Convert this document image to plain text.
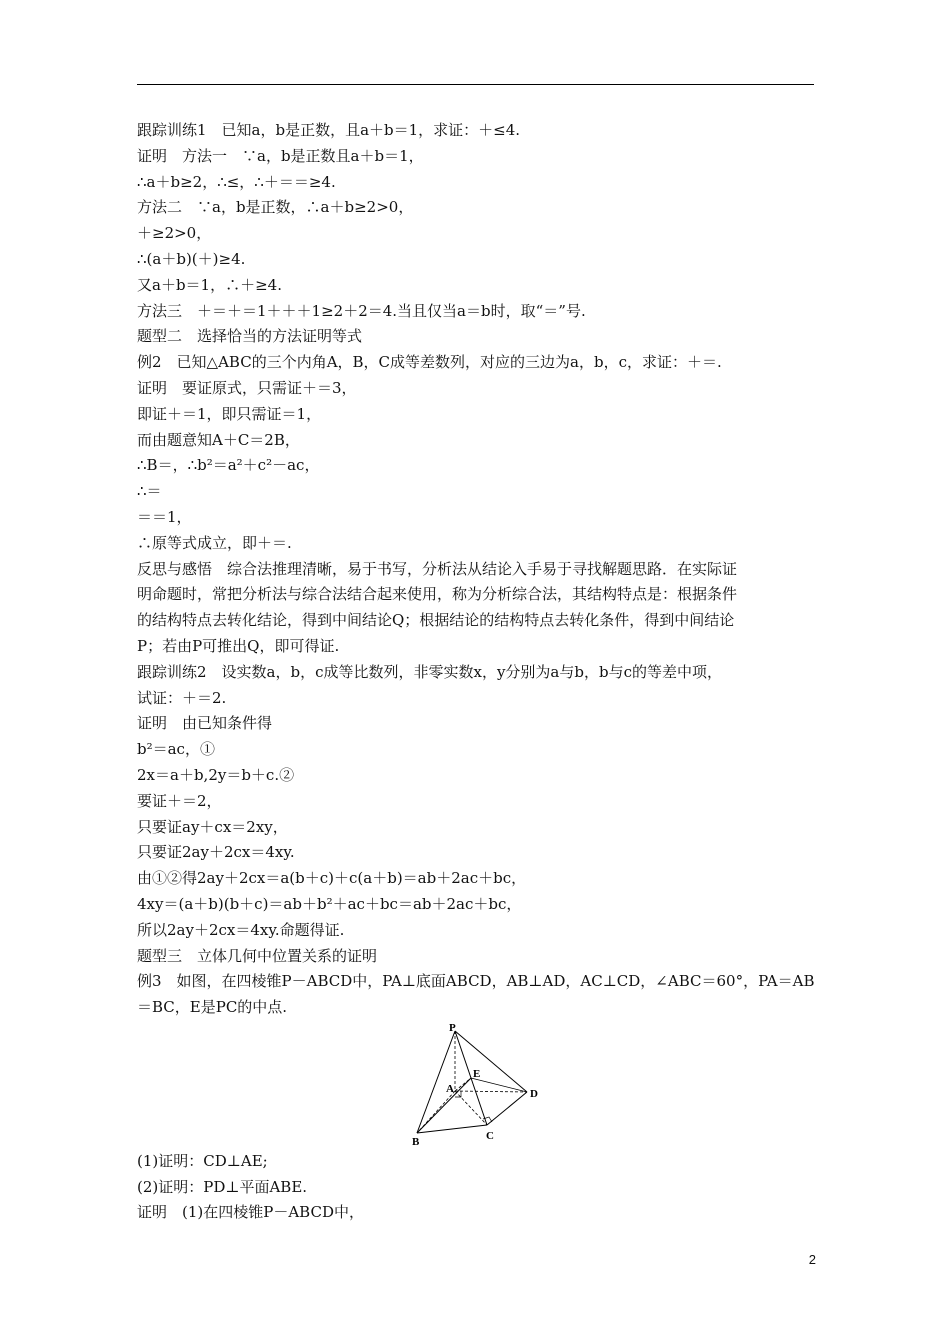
跟踪训练1　已知a，b是正数，且a＋b＝1，求证：＋≤4.
证明　方法一　∵a，b是正数且a＋b＝1，
∴a＋b≥2，∴≤，∴＋＝＝≥4.
方法二　∵a，b是正数，∴a＋b≥2>0，
＋≥2>0，
∴(a＋b)(＋)≥4.
又a＋b＝1，∴＋≥4.
方法三　＋＝＋＝1＋＋＋1≥2＋2＝4.当且仅当a＝b时，取“＝”号.
题型二　选择恰当的方法证明等式
例2　已知△ABC的三个内角A，B，C成等差数列，对应的三边为a，b，c，求证：＋＝.
证明　要证原式，只需证＋＝3，
即证＋＝1，即只需证＝1，
而由题意知A＋C＝2B，
∴B＝，∴b²＝a²＋c²－ac，
∴＝
＝＝1，
∴原等式成立，即＋＝.
反思与感悟　综合法推理清晰，易于书写，分析法从结论入手易于寻找解题思路．在实际证
明命题时，常把分析法与综合法结合起来使用，称为分析综合法，其结构特点是：根据条件
的结构特点去转化结论，得到中间结论Q；根据结论的结构特点去转化条件，得到中间结论
P；若由P可推出Q，即可得证.
跟踪训练2　设实数a，b，c成等比数列，非零实数x，y分别为a与b，b与c的等差中项，
试证：＋＝2.
证明　由已知条件得
b²＝ac，①
2x＝a＋b,2y＝b＋c.②
要证＋＝2，
只要证ay＋cx＝2xy，
只要证2ay＋2cx＝4xy.
由①②得2ay＋2cx＝a(b＋c)＋c(a＋b)＝ab＋2ac＋bc，
4xy＝(a＋b)(b＋c)＝ab＋b²＋ac＋bc＝ab＋2ac＋bc，
所以2ay＋2cx＝4xy.命题得证.
题型三　立体几何中位置关系的证明
例3　如图，在四棱锥P－ABCD中，PA⊥底面ABCD，AB⊥AD，AC⊥CD，∠ABC＝60°，PA＝AB
＝BC，E是PC的中点.
P
A
E
D
B	C
(1)证明：CD⊥AE;
(2)证明：PD⊥平面ABE.
证明　(1)在四棱锥P－ABCD中，
2
